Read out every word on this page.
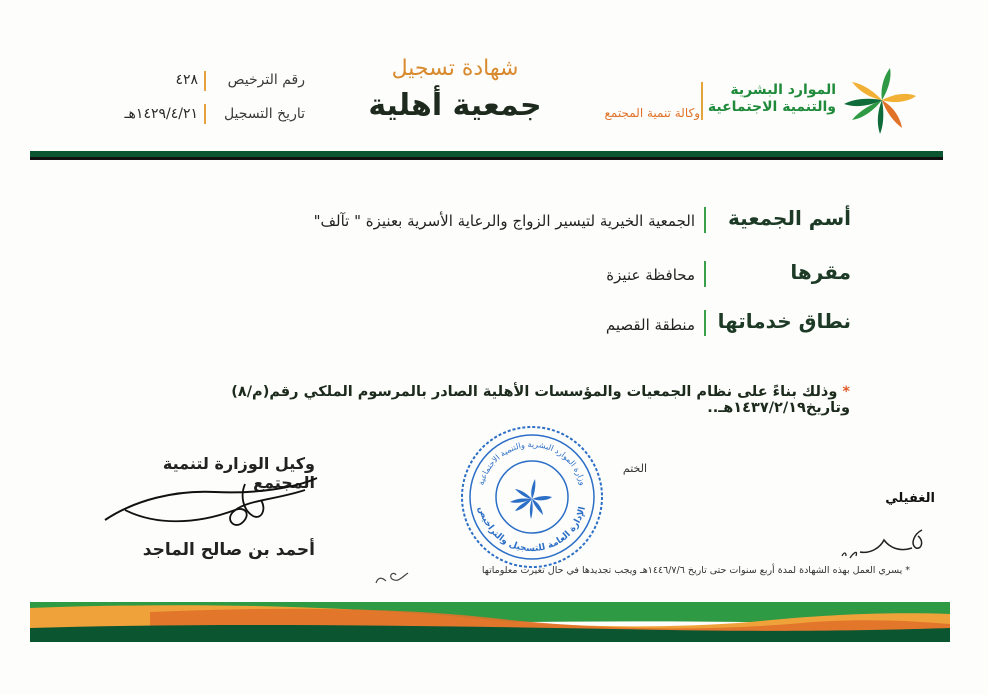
الموارد البشرية
والتنمية الاجتماعية
وكالة تنمية المجتمع
شهادة تسجيل
جمعية أهلية
رقم الترخيص
٤٢٨
تاريخ التسجيل
١٤٢٩/٤/٢١هـ
أسم الجمعية
الجمعية الخيرية لتيسير الزواج والرعاية الأسرية بعنيزة " تآلف"
مقرها
محافظة عنيزة
نطاق خدماتها
منطقة القصيم
* وذلك بناءً على نظام الجمعيات والمؤسسات الأهلية الصادر بالمرسوم الملكي رقم(م/٨) وتاريخ١٤٣٧/٢/١٩هـ..
وكيل الوزارة لتنمية المجتمع
أحمد بن صالح الماجد
الختم
وزارة الموارد البشرية والتنمية الاجتماعية
الإدارة العامة للتسجيل والتراخيص
الغفيلي
* يسري العمل بهذه الشهادة لمدة أربع سنوات حتى تاريخ ١٤٤٦/٧/٦هـ ويجب تجديدها في حال تغيرت معلوماتها
